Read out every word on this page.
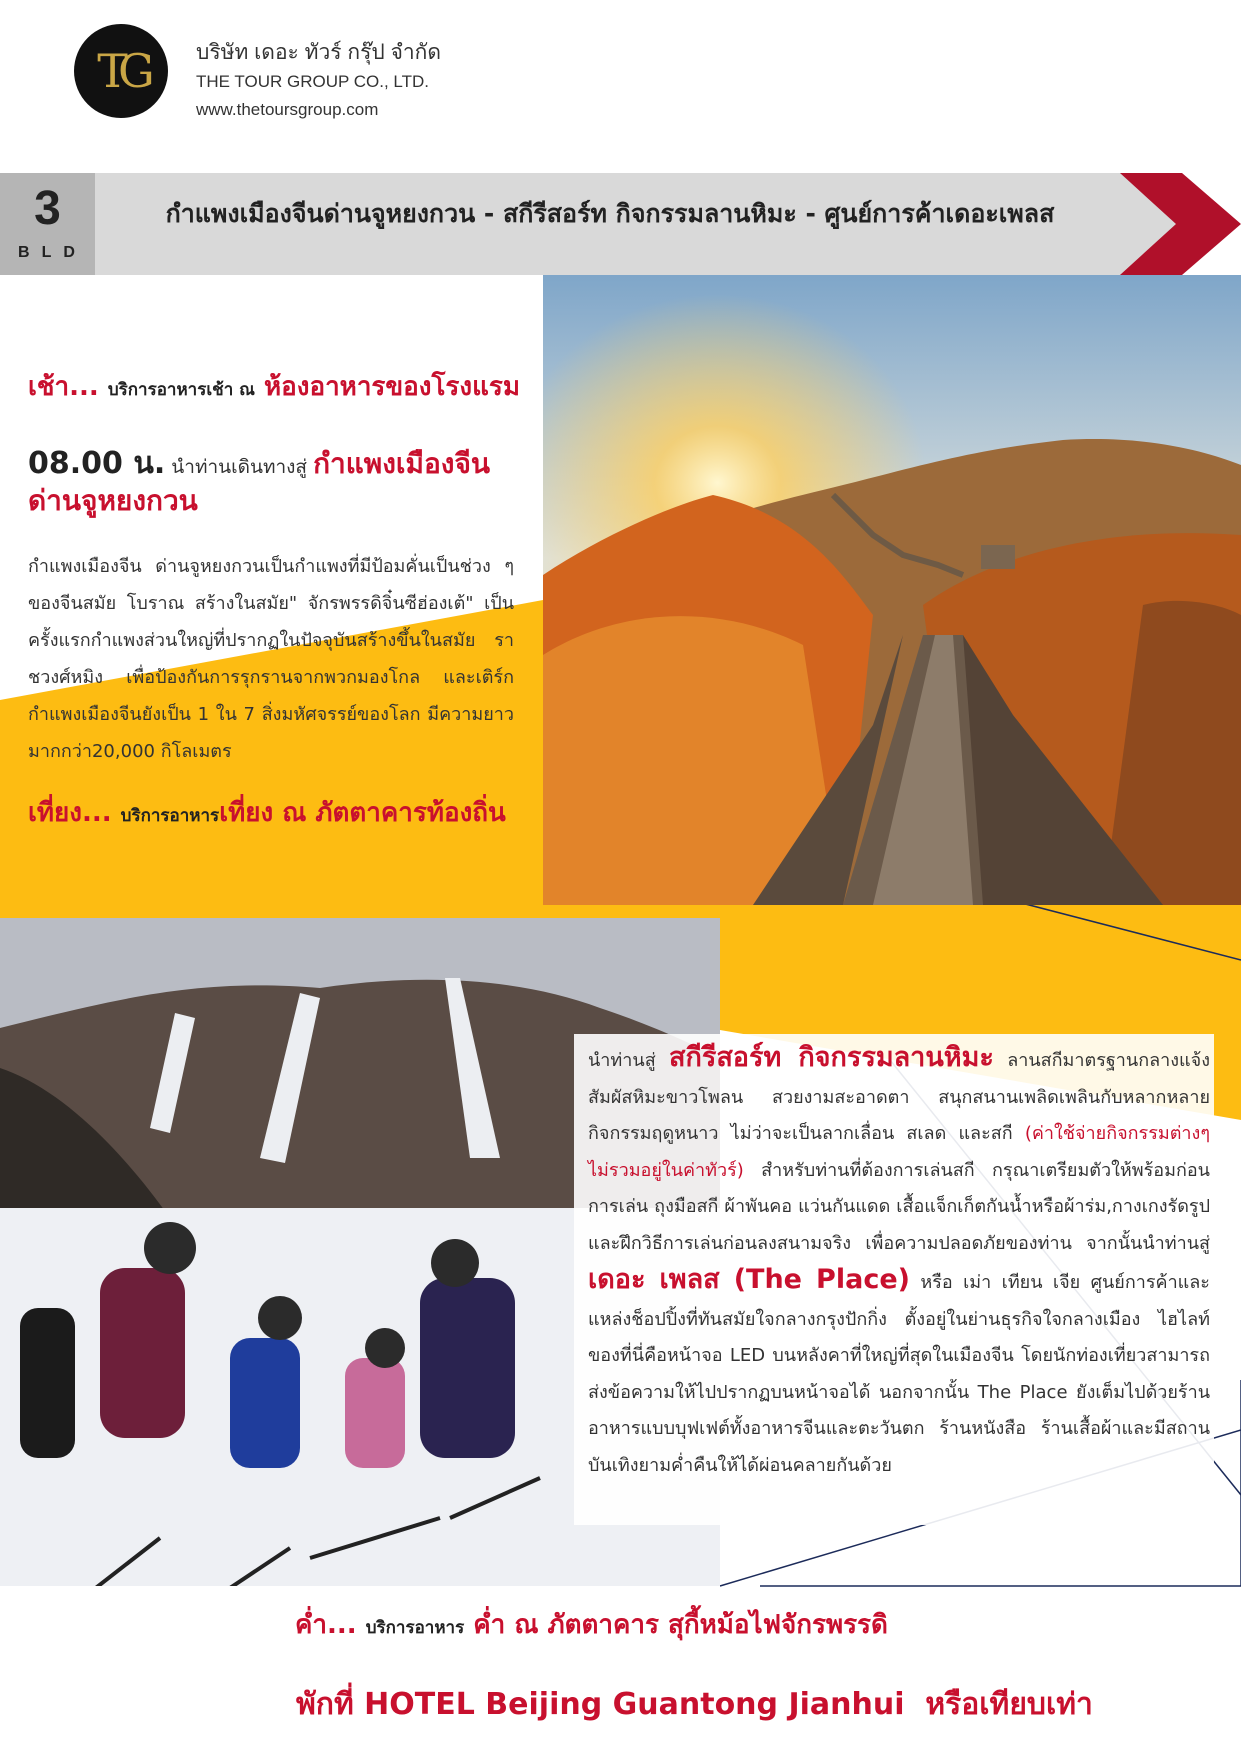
TG บริษัท เดอะ ทัวร์ กรุ๊ป จำกัด
THE TOUR GROUP CO., LTD.
www.thetoursgroup.com
3
BLD
กำแพงเมืองจีนด่านจูหยงกวน - สกีรีสอร์ท กิจกรรมลานหิมะ - ศูนย์การค้าเดอะเพลส
เช้า... บริการอาหารเช้า ณ ห้องอาหารของโรงแรม
08.00 น. นำท่านเดินทางสู่ กำแพงเมืองจีนด่านจูหยงกวน
กำแพงเมืองจีน ด่านจูหยงกวนเป็นกำแพงที่มีป้อมคั่นเป็นช่วง ๆ ของจีนสมัย โบราณ สร้างในสมัย" จักรพรรดิจิ๋นซีฮ่องเต้" เป็นครั้งแรกกำแพงส่วนใหญ่ที่ปรากฏในปัจจุบันสร้างขึ้นในสมัย ราชวงศ์หมิง เพื่อป้องกันการรุกรานจากพวกมองโกล และเติร์กกำแพงเมืองจีนยังเป็น 1 ใน 7 สิ่งมหัศจรรย์ของโลก มีความยาวมากกว่า20,000 กิโลเมตร
เที่ยง... บริการอาหารเที่ยง ณ ภัตตาคารท้องถิ่น
นำท่านสู่ สกีรีสอร์ท กิจกรรมลานหิมะ ลานสกีมาตรฐานกลางแจ้ง สัมผัสหิมะขาวโพลน สวยงามสะอาดตา สนุกสนานเพลิดเพลินกับหลากหลายกิจกรรมฤดูหนาว ไม่ว่าจะเป็นลากเลื่อน สเลด และสกี (ค่าใช้จ่ายกิจกรรมต่างๆ ไม่รวมอยู่ในค่าทัวร์) สำหรับท่านที่ต้องการเล่นสกี กรุณาเตรียมตัวให้พร้อมก่อนการเล่น ถุงมือสกี ผ้าพันคอ แว่นกันแดด เสื้อแจ็กเก็ตกันน้ำหรือผ้าร่ม,กางเกงรัดรูป และฝึกวิธีการเล่นก่อนลงสนามจริง เพื่อความปลอดภัยของท่าน จากนั้นนำท่านสู่ เดอะ เพลส (The Place) หรือ เม่า เทียน เจีย ศูนย์การค้าและแหล่งช็อปปิ้งที่ทันสมัยใจกลางกรุงปักกิ่ง ตั้งอยู่ในย่านธุรกิจใจกลางเมือง ไฮไลท์ของที่นี่คือหน้าจอ LED บนหลังคาที่ใหญ่ที่สุดในเมืองจีน โดยนักท่องเที่ยวสามารถส่งข้อความให้ไปปรากฏบนหน้าจอได้ นอกจากนั้น The Place ยังเต็มไปด้วยร้านอาหารแบบบุฟเฟต์ทั้งอาหารจีนและตะวันตก ร้านหนังสือ ร้านเสื้อผ้าและมีสถานบันเทิงยามค่ำคืนให้ได้ผ่อนคลายกันด้วย
ค่ำ... บริการอาหาร ค่ำ ณ ภัตตาคาร สุกี้หม้อไฟจักรพรรดิ
พักที่ HOTEL Beijing Guantong Jianhui หรือเทียบเท่า
